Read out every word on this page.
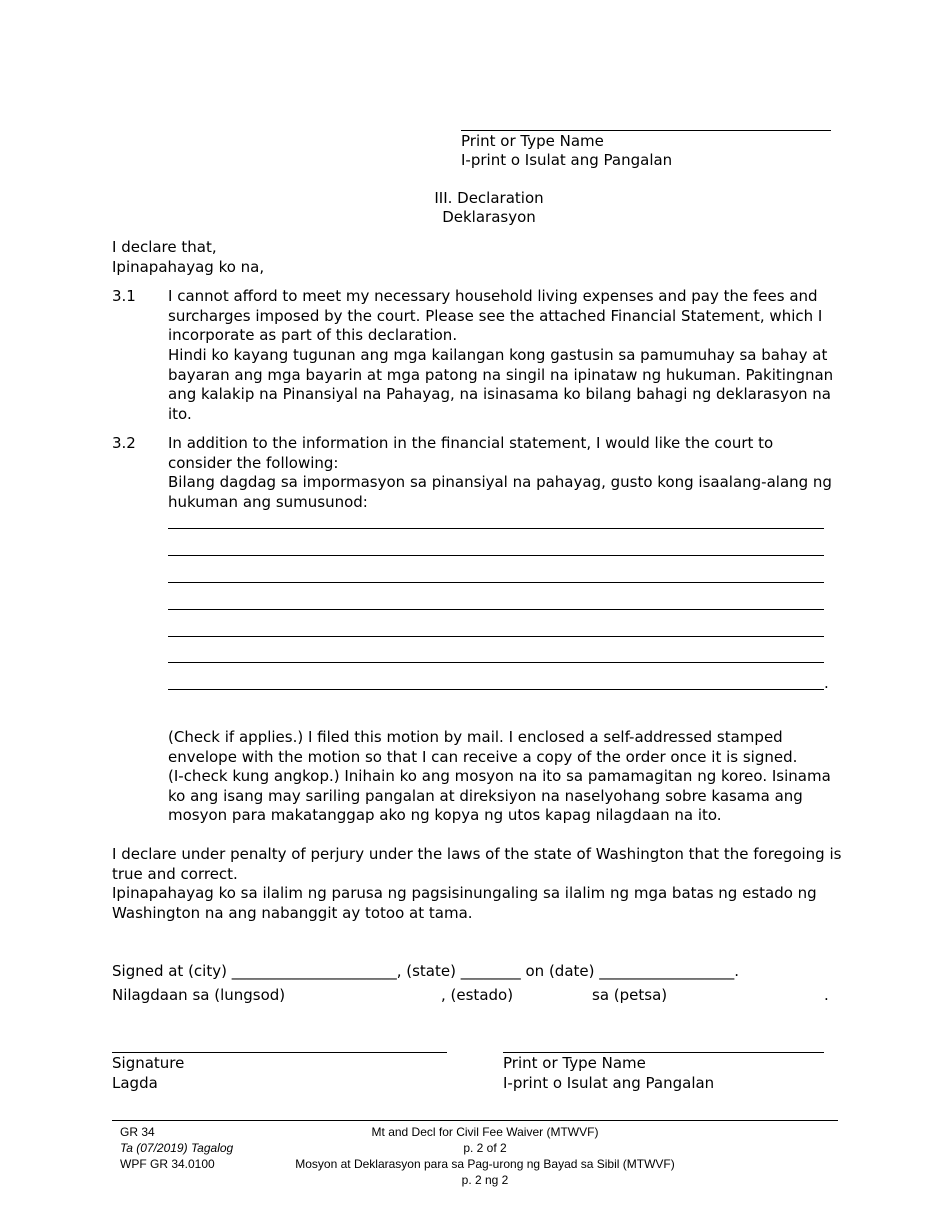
Print or Type Name
I-print o Isulat ang Pangalan
III. Declaration
Deklarasyon
I declare that,
Ipinapahayag ko na,
3.1 I cannot afford to meet my necessary household living expenses and pay the fees and surcharges imposed by the court. Please see the attached Financial Statement, which I incorporate as part of this declaration.
Hindi ko kayang tugunan ang mga kailangan kong gastusin sa pamumuhay sa bahay at bayaran ang mga bayarin at mga patong na singil na ipinataw ng hukuman. Pakitingnan ang kalakip na Pinansiyal na Pahayag, na isinasama ko bilang bahagi ng deklarasyon na ito.
3.2 In addition to the information in the financial statement, I would like the court to consider the following:
Bilang dagdag sa impormasyon sa pinansiyal na pahayag, gusto kong isaalang-alang ng hukuman ang sumusunod:
.
(Check if applies.) I filed this motion by mail. I enclosed a self-addressed stamped envelope with the motion so that I can receive a copy of the order once it is signed.
(I-check kung angkop.) Inihain ko ang mosyon na ito sa pamamagitan ng koreo. Isinama ko ang isang may sariling pangalan at direksiyon na naselyohang sobre kasama ang mosyon para makatanggap ako ng kopya ng utos kapag nilagdaan na ito.
I declare under penalty of perjury under the laws of the state of Washington that the foregoing is true and correct.
Ipinapahayag ko sa ilalim ng parusa ng pagsisinungaling sa ilalim ng mga batas ng estado ng Washington na ang nabanggit ay totoo at tama.
Signed at (city) ______________________, (state) ________ on (date) __________________.
Nilagdaan sa (lungsod)	, (estado)	sa (petsa)	.
Signature
Lagda
Print or Type Name
I-print o Isulat ang Pangalan
GR 34
Ta (07/2019) Tagalog
WPF GR 34.0100
Mt and Decl for Civil Fee Waiver (MTWVF)
p. 2 of 2
Mosyon at Deklarasyon para sa Pag-urong ng Bayad sa Sibil (MTWVF)
p. 2 ng 2
